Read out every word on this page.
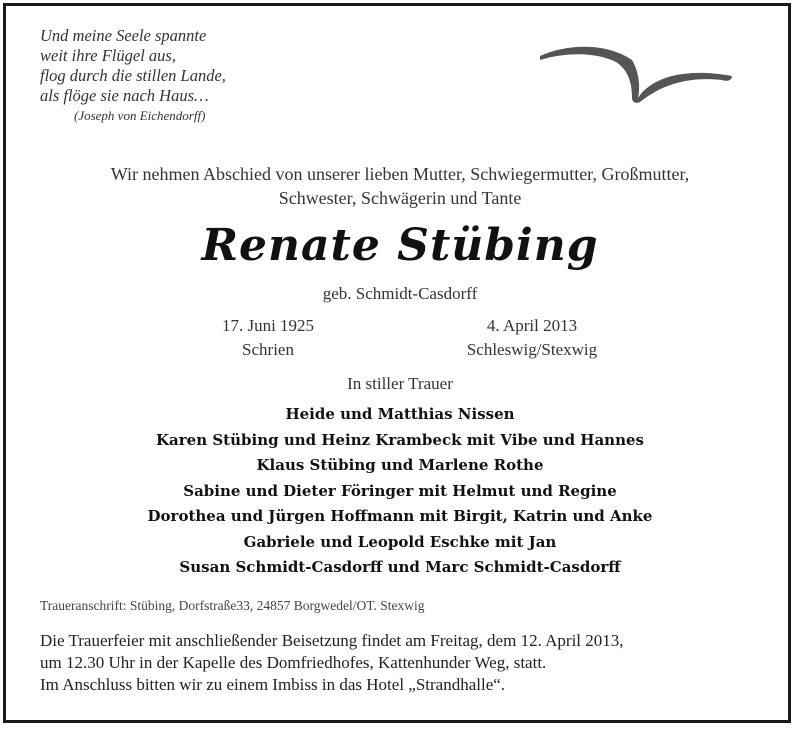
Und meine Seele spannte
weit ihre Flügel aus,
flog durch die stillen Lande,
als flöge sie nach Haus…
(Joseph von Eichendorff)
Wir nehmen Abschied von unserer lieben Mutter, Schwiegermutter, Großmutter,
Schwester, Schwägerin und Tante
Renate Stübing
geb. Schmidt-Casdorff
17. Juni 1925
Schrien
4. April 2013
Schleswig/Stexwig
In stiller Trauer
Heide und Matthias Nissen
Karen Stübing und Heinz Krambeck mit Vibe und Hannes
Klaus Stübing und Marlene Rothe
Sabine und Dieter Föringer mit Helmut und Regine
Dorothea und Jürgen Hoffmann mit Birgit, Katrin und Anke
Gabriele und Leopold Eschke mit Jan
Susan Schmidt-Casdorff und Marc Schmidt-Casdorff
Traueranschrift: Stübing, Dorfstraße33, 24857 Borgwedel/OT. Stexwig

Die Trauerfeier mit anschließender Beisetzung findet am Freitag, dem 12. April 2013,

um 12.30 Uhr in der Kapelle des Domfriedhofes, Kattenhunder Weg, statt.

Im Anschluss bitten wir zu einem Imbiss in das Hotel „Strandhalle“.
